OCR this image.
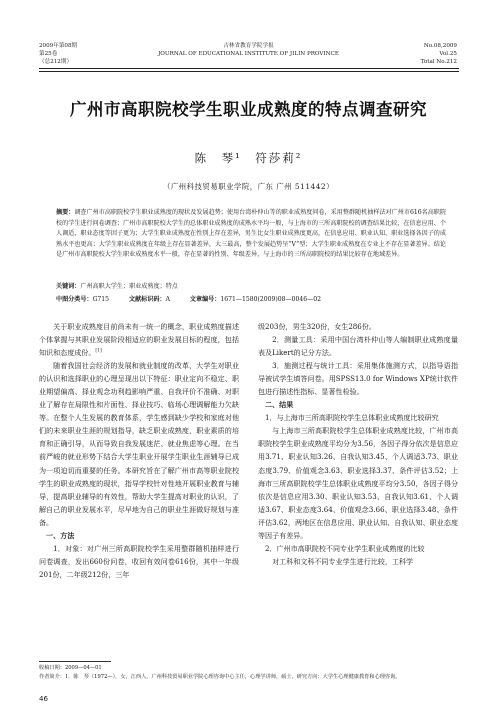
2009年第08期
第25卷
（总212期）
吉林省教育学院学报
JOURNAL OF EDUCATIONAL INSTITUTE OF JILIN PROVINCE
No.08,2009
Vol.25
Total No.212
广州市高职院校学生职业成熟度的特点调查研究
陈　琴¹　符莎莉²
（广州科技贸易职业学院，广东 广州 511442）
摘要：调查广州市高职院校学生职业成熟度的现状及发展趋势；使用台湾朴仲山等的职业成熟度问卷，采用整群随机抽样法对广州市616名高职院校的学生进行问卷调查；广州市高职院校大学生的总体职业成熟度的成熟水平均一般，与上海市的三所高职院校的调查结果比较，在信息应用、个人调适、职业态度等因子更为；大学生职业成熟度在性别上存在差异，男生比女生职业成熟度更高，在信息应用、职业认知、职业选择各因子的成熟水平也更高；大学生职业成熟度在年级上存在显著差异，大三最高，整个发展趋势呈“V”型；大学生职业成熟度在专业上不存在显著差异。结论是广州市高职院校大学生职业成熟度水平一般，存在显著的性别、年级差异，与上海市的三所高职院校的结果比较存在地域差异。
关键词：广州高职大学生；职业成熟度；特点
中图分类号：G715	文献标识码：A	文章编号：1671—1580(2009)08—0046—02

关于职业成熟度目前尚未有一统一的概念，职业成熟度描述个体掌握与其职业发展阶段相适应的职业发展目标的程度，包括知识和态度成份。[1]

随着我国社会经济的发展和就业制度的改革，大学生对职业的认识和选择职业的心理呈现出以下特征：职业定向不稳定、职业期望偏高、择业观念功利趋影响严重、自我评价不准确、对职业了解存在局限性和片面性、择业技巧、临场心理调解能力欠缺等。在整个人生发展的教育体系，学生感到缺少学校和家庭对他们的未来职业生涯的规划指导，缺乏职业成熟度，职业素质的培育和正确引导，从而导致自我发展迷茫、就业焦虑等心理。在当前严峻的就业形势下结合大学生职业开展学生职业生涯辅导已成为一项迫切而重要的任务。本研究旨在了解广州市高等职业院校学生的职业成熟度的现状，指导学校针对性地开展职业教育与辅导，提高职业辅导的有效性，帮助大学生提高对职业的认识，了解自己的职业发展水平，尽早地为自己的职业生涯做好规划与准备。

一、方法

1．对象：对广州三所高职院校学生采用整群随机抽样进行问卷调查，发出660份问卷，收回有效问卷616份，其中一年级201份，二年级212份，三年

级203份，男生320份，女生286份。

2．测量工具：采用中国台湾朴仲山等人编制职业成熟度量表及Likert的记分方法。

3．施测过程与统计工具：采用集体施测方式，以指导语指导被试学生填答问卷。用SPSS13.0 for Windows XP统计软件包进行描述性指标、显著性检验。

二、结果

1．与上海市三所高职院校学生总体职业成熟度比较研究

与上海市三所高职院校学生总体职业成熟度比较，广州市高职院校学生职业成熟度平均分为3.56，各因子得分依次是信息应用3.71、职业认知3.26、自我认知3.45、个人调适3.73、职业态度3.79、价值观念3.63、职业选择3.37、条件评估3.52；上海市三所高职院校学生总体职业成熟度平均分3.50，各因子得分依次是信息应用3.30、职业认知3.53、自我认知3.61、个人调适3.67、职业态度3.64、价值观念3.66、职业选择3.48、条件评估3.62，两地区在信息应用、职业认知、自我认知、职业态度等因子有差异。

2．广州市高职院校不同专业学生职业成熟度的比较

对工科和文科不同专业学生进行比较，工科学

收稿日期：2009—04—01
作者简介：1．陈　琴（1972—），女，江西人，广州科技贸易职业学院心理咨询中心主任，心理学讲师，硕士，研究方向：大学生心理健康教育和心理咨询。
46
